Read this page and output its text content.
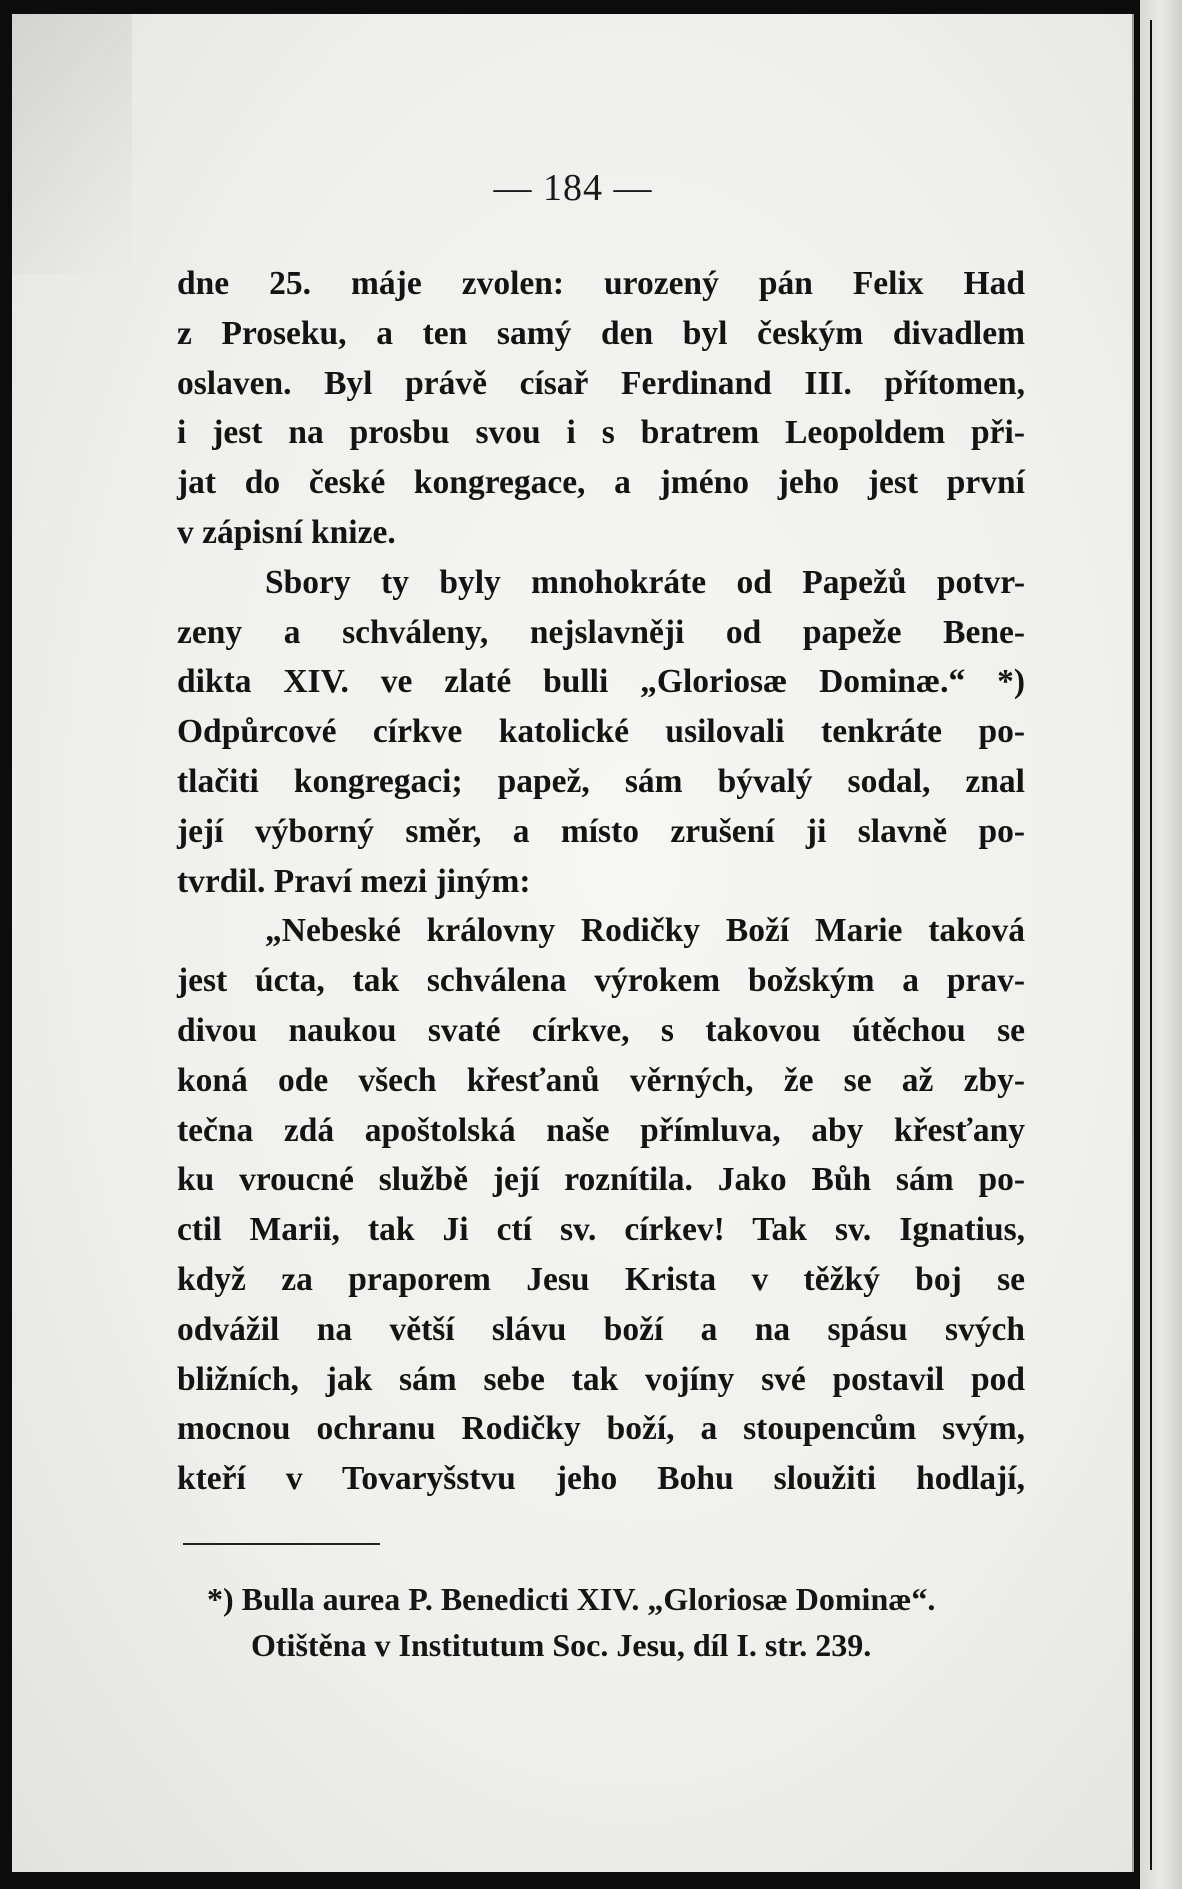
— 184 —

dne 25. máje zvolen: urozený pán Felix Had
z Proseku, a ten samý den byl českým divadlem
oslaven. Byl právě císař Ferdinand III. přítomen,
i jest na prosbu svou i s bratrem Leopoldem při-
jat do české kongregace, a jméno jeho jest první
v zápisní knize.

Sbory ty byly mnohokráte od Papežů potvr-
zeny a schváleny, nejslavněji od papeže Bene-
dikta XIV. ve zlaté bulli „Gloriosæ Dominæ.“ *)
Odpůrcové církve katolické usilovali tenkráte po-
tlačiti kongregaci; papež, sám bývalý sodal, znal
její výborný směr, a místo zrušení ji slavně po-
tvrdil. Praví mezi jiným:

„Nebeské královny Rodičky Boží Marie taková
jest úcta, tak schválena výrokem božským a prav-
divou naukou svaté církve, s takovou útěchou se
koná ode všech křesťanů věrných, že se až zby-
tečna zdá apoštolská naše přímluva, aby křesťany
ku vroucné službě její roznítila. Jako Bůh sám po-
ctil Marii, tak Ji ctí sv. církev! Tak sv. Ignatius,
když za praporem Jesu Krista v těžký boj se
odvážil na větší slávu boží a na spásu svých
bližních, jak sám sebe tak vojíny své postavil pod
mocnou ochranu Rodičky boží, a stoupencům svým,
kteří v Tovaryšstvu jeho Bohu sloužiti hodlají,

*) Bulla aurea P. Benedicti XIV. „Gloriosæ Dominæ“.
Otištěna v Institutum Soc. Jesu, díl I. str. 239.
